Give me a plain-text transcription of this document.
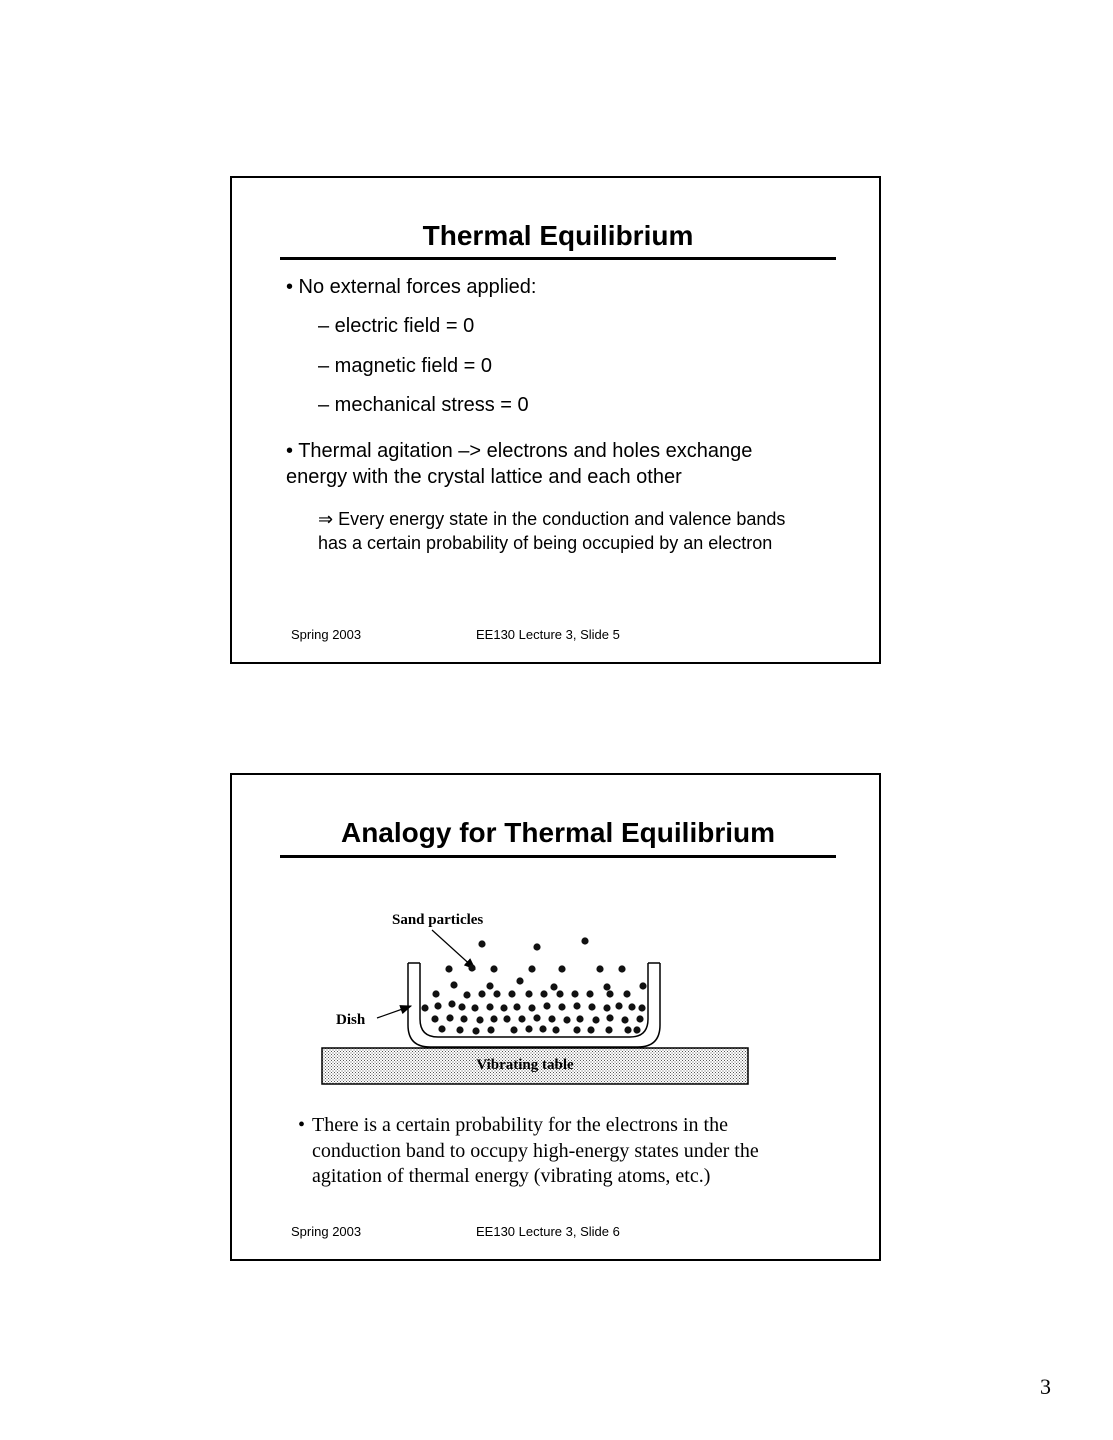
Thermal Equilibrium
• No external forces applied:
– electric field = 0
– magnetic field = 0
– mechanical stress = 0
• Thermal agitation –> electrons and holes exchange
energy with the crystal lattice and each other
⇒ Every energy state in the conduction and valence bands has a certain probability of being occupied by an electron
Spring 2003	EE130 Lecture 3, Slide 5
Analogy for Thermal Equilibrium
Vibrating table
Sand particles
Dish
• There is a certain probability for the electrons in the conduction band to occupy high-energy states under the agitation of thermal energy (vibrating atoms, etc.)
Spring 2003	EE130 Lecture 3, Slide 6
3
